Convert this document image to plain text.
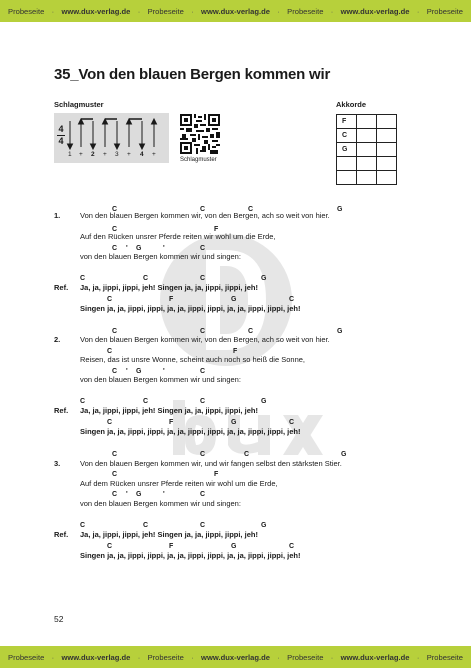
Probeseite · www.dux-verlag.de · Probeseite · www.dux-verlag.de · Probeseite · www.dux-verlag.de · Probeseite
35_Von den blauen Bergen kommen wir
Schlagmuster	Akkorde
4
4
1 + 2 + 3 + 4 +
Schlagmuster
F		
C		
G		

C	C	C	G
1.	Von den blauen Bergen kommen wir, von den Bergen, ach so weit von hier.
C	F
Auf den Rücken unsrer Pferde reiten wir wohl um die Erde,
C ' G	'	C
von den blauen Bergen kommen wir und singen:
C	C	C	G
Ref. Ja, ja, jippi, jippi, jeh! Singen ja, ja, jippi, jippi, jeh!
C	F	G	C
Singen ja, ja, jippi, jippi, ja, ja, jippi, jippi, ja, ja, jippi, jippi, jeh!
C	C	C	G
2.	Von den blauen Bergen kommen wir, von den Bergen, ach so weit von hier.
C	F
Reisen, das ist unsre Wonne, scheint auch noch so heiß die Sonne,
C ' G	'	C
von den blauen Bergen kommen wir und singen:
C	C	C	G
Ref. Ja, ja, jippi, jippi, jeh! Singen ja, ja, jippi, jippi, jeh!
C	F	G	C
Singen ja, ja, jippi, jippi, ja, ja, jippi, jippi, ja, ja, jippi, jippi, jeh!
C	C	C	G
3.	Von den blauen Bergen kommen wir, und wir fangen selbst den stärksten Stier.
C	F
Auf dem Rücken unsrer Pferde reiten wir wohl um die Erde,
C ' G	'	C
von den blauen Bergen kommen wir und singen:
C	C	C	G
Ref. Ja, ja, jippi, jippi, jeh! Singen ja, ja, jippi, jippi, jeh!
C	F	G	C
Singen ja, ja, jippi, jippi, ja, ja, jippi, jippi, ja, ja, jippi, jippi, jeh!
52
Probeseite · www.dux-verlag.de · Probeseite · www.dux-verlag.de · Probeseite · www.dux-verlag.de · Probeseite
